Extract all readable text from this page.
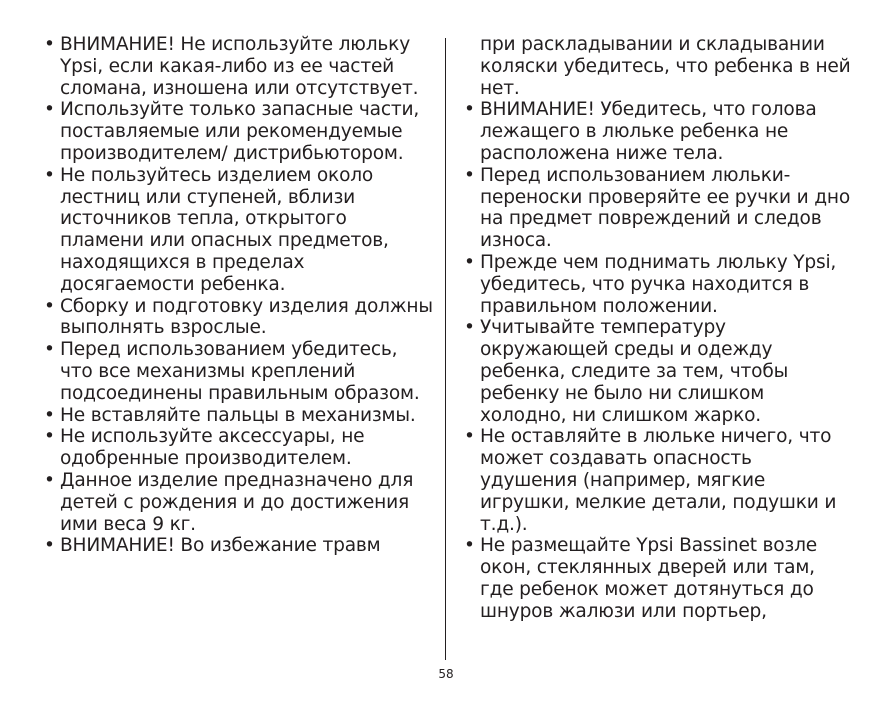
• ВНИМАНИЕ! Не используйте люльку Ypsi, если какая-либо из ее частей сломана, изношена или отсутствует.
• Используйте только запасные части, поставляемые или рекомендуемые производителем/ дистрибьютором.
• Не пользуйтесь изделием около лестниц или ступеней, вблизи источников тепла, открытого пламени или опасных предметов, находящихся в пределах досягаемости ребенка.
• Сборку и подготовку изделия должны выполнять взрослые.
• Перед использованием убедитесь, что все механизмы креплений подсоединены правильным образом.
• Не вставляйте пальцы в механизмы.
• Не используйте аксессуары, не одобренные производителем.
• Данное изделие предназначено для детей с рождения и до достижения ими веса 9 кг.
• ВНИМАНИЕ! Во избежание травм
при раскладывании и складывании коляски убедитесь, что ребенка в ней нет.
• ВНИМАНИЕ! Убедитесь, что голова лежащего в люльке ребенка не расположена ниже тела.
• Перед использованием люльки-переноски проверяйте ее ручки и дно на предмет повреждений и следов износа.
• Прежде чем поднимать люльку Ypsi, убедитесь, что ручка находится в правильном положении.
• Учитывайте температуру окружающей среды и одежду ребенка, следите за тем, чтобы ребенку не было ни слишком холодно, ни слишком жарко.
• Не оставляйте в люльке ничего, что может создавать опасность удушения (например, мягкие игрушки, мелкие детали, подушки и т.д.).
• Не размещайте Ypsi Bassinet возле окон, стеклянных дверей или там, где ребенок может дотянуться до шнуров жалюзи или портьер,
58
